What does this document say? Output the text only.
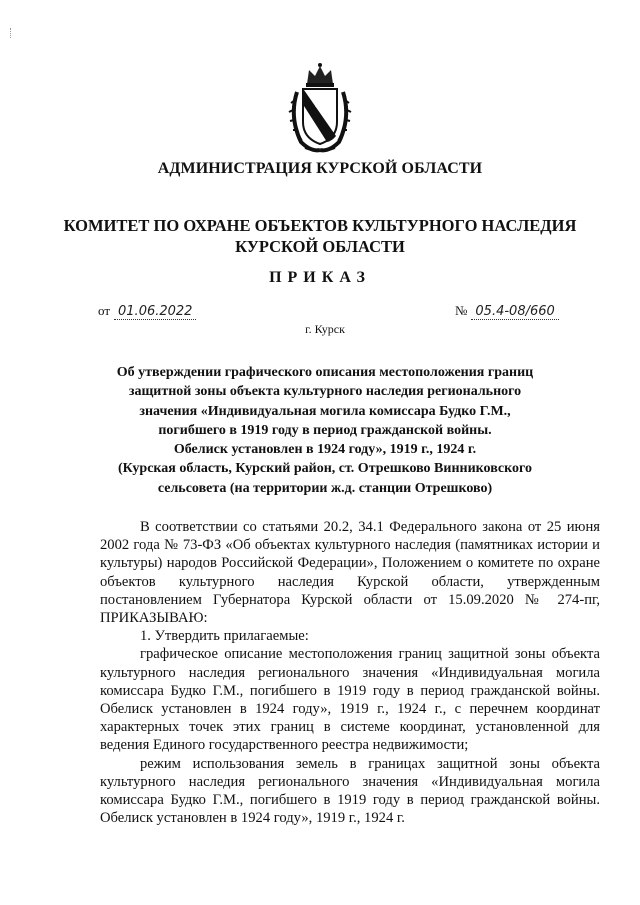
АДМИНИСТРАЦИЯ КУРСКОЙ ОБЛАСТИ
КОМИТЕТ ПО ОХРАНЕ ОБЪЕКТОВ КУЛЬТУРНОГО НАСЛЕДИЯ
КУРСКОЙ ОБЛАСТИ
ПРИКАЗ
от 01.06.2022	№ 05.4-08/660
г. Курск
Об утверждении графического описания местоположения границ
защитной зоны объекта культурного наследия регионального
значения «Индивидуальная могила комиссара Будко Г.М.,
погибшего в 1919 году в период гражданской войны.
Обелиск установлен в 1924 году», 1919 г., 1924 г.
(Курская область, Курский район, ст. Отрешково Винниковского
сельсовета (на территории ж.д. станции Отрешково)

В соответствии со статьями 20.2, 34.1 Федерального закона от 25 июня 2002 года № 73-ФЗ «Об объектах культурного наследия (памятниках истории и культуры) народов Российской Федерации», Положением о комитете по охране объектов культурного наследия Курской области, утвержденным постановлением Губернатора Курской области от 15.09.2020 № 274-пг, ПРИКАЗЫВАЮ:

1. Утвердить прилагаемые:

графическое описание местоположения границ защитной зоны объекта культурного наследия регионального значения «Индивидуальная могила комиссара Будко Г.М., погибшего в 1919 году в период гражданской войны. Обелиск установлен в 1924 году», 1919 г., 1924 г., с перечнем координат характерных точек этих границ в системе координат, установленной для ведения Единого государственного реестра недвижимости;

режим использования земель в границах защитной зоны объекта культурного наследия регионального значения «Индивидуальная могила комиссара Будко Г.М., погибшего в 1919 году в период гражданской войны. Обелиск установлен в 1924 году», 1919 г., 1924 г.
